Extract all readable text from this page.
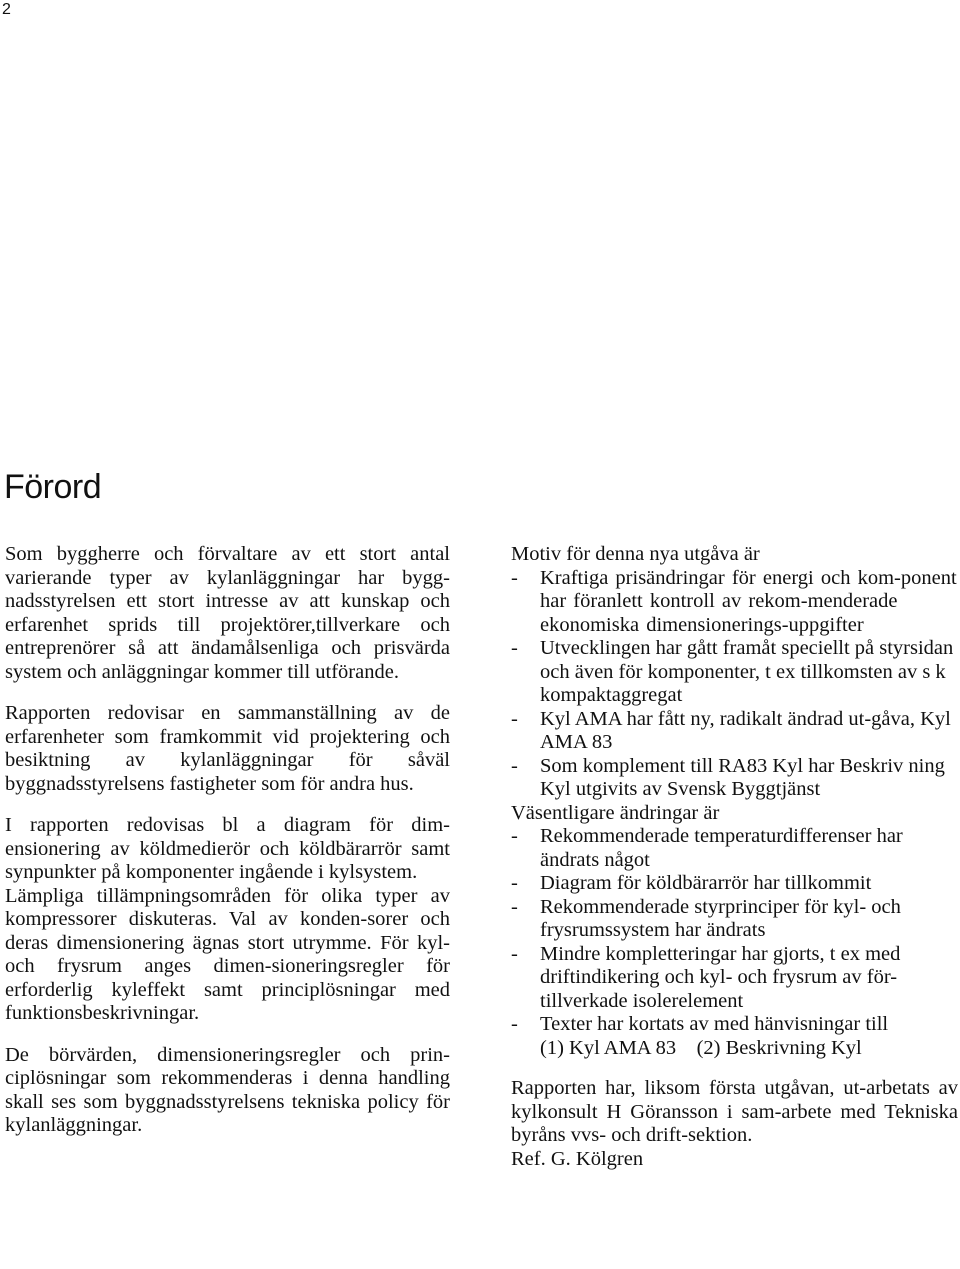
2
Förord

Som byggherre och förvaltare av ett stort antal varierande typer av kylanläggningar har bygg-nadsstyrelsen ett stort intresse av att kunskap och erfarenhet sprids till projektörer,tillverkare och entreprenörer så att ändamålsenliga och prisvärda system och anläggningar kommer till utförande.

Rapporten redovisar en sammanställning av de erfarenheter som framkommit vid projektering och besiktning av kylanläggningar för såväl byggnadsstyrelsens fastigheter som för andra hus.

I rapporten redovisas bl a diagram för dim-ensionering av köldmedierör och köldbärarrör samt synpunkter på komponenter ingående i kylsystem.

Lämpliga tillämpningsområden för olika typer av kompressorer diskuteras. Val av konden-sorer och deras dimensionering ägnas stort utrymme. För kyl- och frysrum anges dimen-sioneringsregler för erforderlig kyleffekt samt principlösningar med funktionsbeskrivningar.

De börvärden, dimensioneringsregler och prin-ciplösningar som rekommenderas i denna handling skall ses som byggnadsstyrelsens tekniska policy för kylanläggningar.

Motiv för denna nya utgåva är

- Kraftiga prisändringar för energi och kom-ponent har föranlett kontroll av rekom-menderade ekonomiska dimensionerings-uppgifter
- Utvecklingen har gått framåt speciellt på styrsidan och även för komponenter, t ex tillkomsten av s k kompaktaggregat
- Kyl AMA har fått ny, radikalt ändrad ut-gåva, Kyl AMA 83
- Som komplement till RA83 Kyl har Beskriv ning Kyl utgivits av Svensk Byggtjänst

Väsentligare ändringar är

- Rekommenderade temperaturdifferenser har ändrats något
- Diagram för köldbärarrör har tillkommit
- Rekommenderade styrprinciper för kyl- och frysrumssystem har ändrats
- Mindre kompletteringar har gjorts, t ex med driftindikering och kyl- och frysrum av för-tillverkade isolerelement
- Texter har kortats av med hänvisningar till
(1) Kyl AMA 83    (2) Beskrivning Kyl

Rapporten har, liksom första utgåvan, ut-arbetats av kylkonsult H Göransson i sam-arbete med Tekniska byråns vvs- och drift-sektion.

Ref. G. Kölgren
